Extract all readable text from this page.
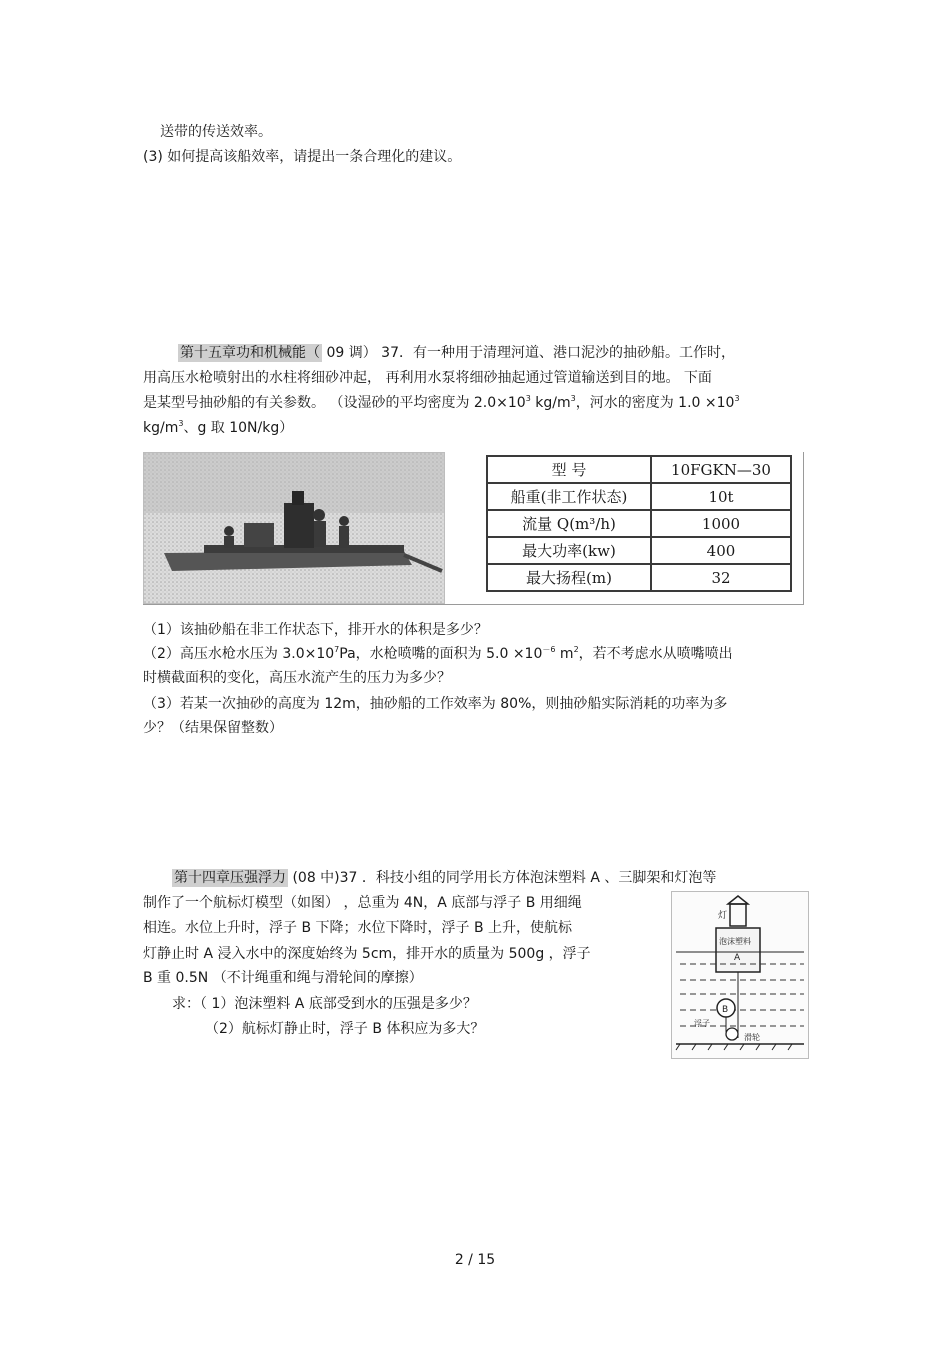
送带的传送效率。
(3) 如何提高该船效率，请提出一条合理化的建议。
第十五章功和机械能（ 09 调） 37．有一种用于清理河道、港口泥沙的抽砂船。工作时，
用高压水枪喷射出的水柱将细砂冲起， 再利用水泵将细砂抽起通过管道输送到目的地。 下面
是某型号抽砂船的有关参数。 （设湿砂的平均密度为 $2.0\times 10^3$ $kg/m^3$，河水的密度为 $1.0 \times 10^3$
$kg/m^3$、g 取 10N/kg）
型 号	10FGKN—30
船重(非工作状态)	10t
流量 Q(m³/h)	1000
最大功率(kw)	400
最大扬程(m)	32
（1）该抽砂船在非工作状态下，排开水的体积是多少？
（2）高压水枪水压为 $3.0\times 10^7Pa$，水枪喷嘴的面积为 $5.0 \times 10^{-6}$ $m^2$，若不考虑水从喷嘴喷出
时横截面积的变化，高压水流产生的压力为多少？
（3）若某一次抽砂的高度为 12m，抽砂船的工作效率为 80%，则抽砂船实际消耗的功率为多
少？（结果保留整数）
第十四章压强浮力 (08 中)37 ．科技小组的同学用长方体泡沫塑料 A 、三脚架和灯泡等
制作了一个航标灯模型（如图） ，总重为 4N，A 底部与浮子 B 用细绳
相连。水位上升时，浮子 B 下降；水位下降时，浮子 B 上升，使航标
灯静止时 A 浸入水中的深度始终为 5cm，排开水的质量为 500g ，浮子
B 重 0.5N （不计绳重和绳与滑轮间的摩擦）
求：（ 1）泡沫塑料 A 底部受到水的压强是多少？
（2）航标灯静止时，浮子 B 体积应为多大？
灯
泡沫塑料
A
B
浮子
滑轮
2 / 15
